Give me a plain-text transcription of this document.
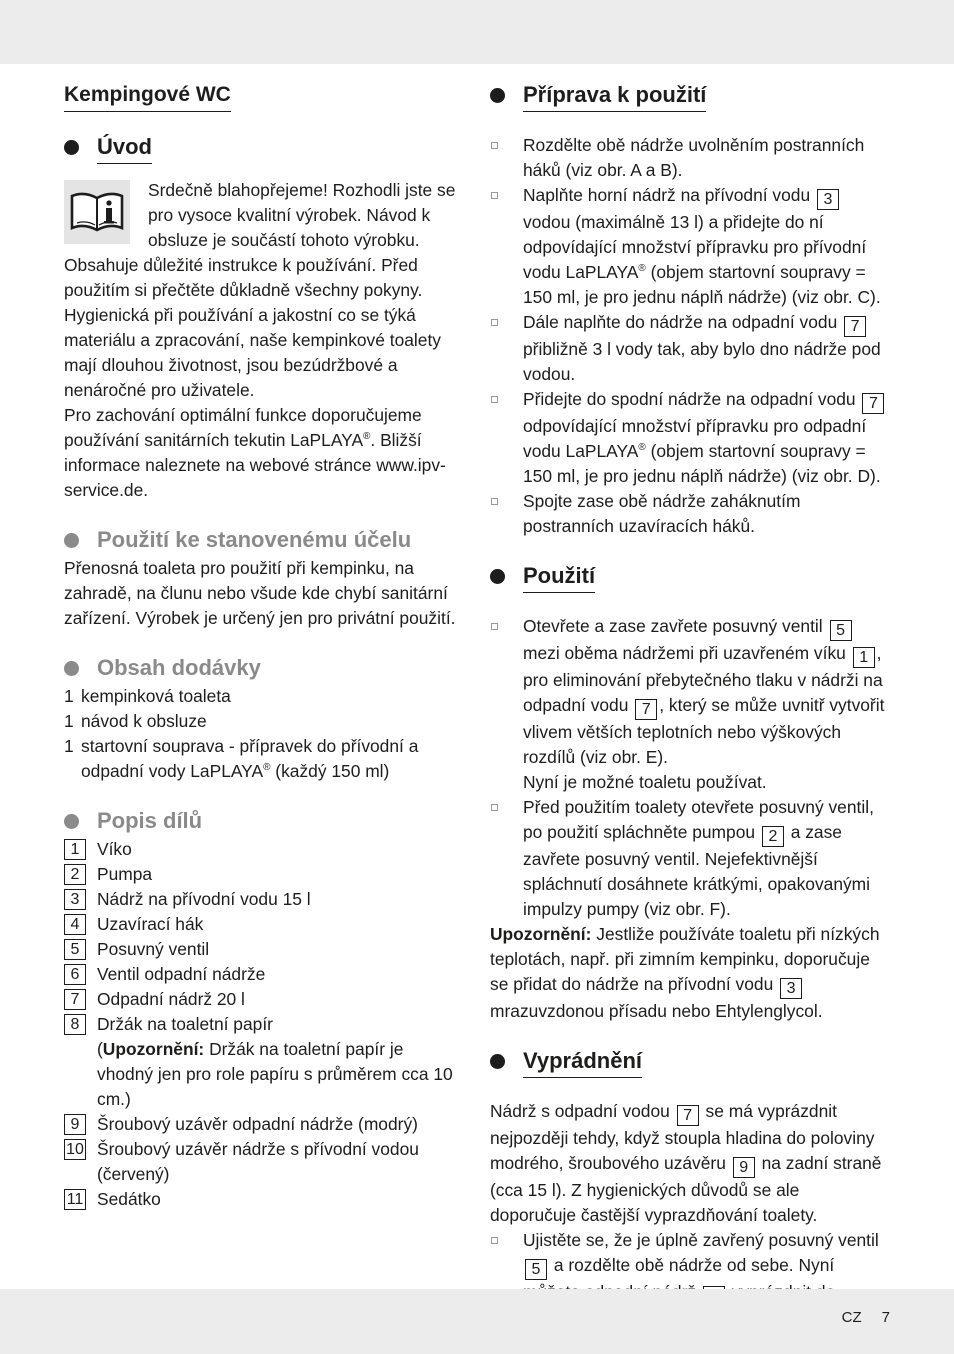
Kempingové WC
Úvod

Srdečně blahopřejeme! Rozhodli jste se pro vysoce kvalitní výrobek. Návod k obsluze je součástí tohoto výrobku. Obsahuje důležité instrukce k používání. Před použitím si přečtěte důkladně všechny pokyny. Hygienická při používání a jakostní co se týká materiálu a zpracování, naše kempinkové toalety mají dlouhou životnost, jsou bezúdržbové a nenáročné pro uživatele.

Pro zachování optimální funkce doporučujeme používání sanitárních tekutin LaPLAYA®. Bližší informace naleznete na webové stránce www.ipv-service.de.

Použití ke stanovenému účelu

Přenosná toaleta pro použití při kempinku, na zahradě, na člunu nebo všude kde chybí sanitární zařízení. Výrobek je určený jen pro privátní použití.

Obsah dodávky
1 kempinková toaleta
1 návod k obsluze
1 startovní souprava - přípravek do přívodní a odpadní vody LaPLAYA® (každý 150 ml)
Popis dílů
1	Víko
2	Pumpa
3	Nádrž na přívodní vodu 15 l
4	Uzavírací hák
5	Posuvný ventil
6	Ventil odpadní nádrže
7	Odpadní nádrž 20 l
8	Držák na toaletní papír
(Upozornění: Držák na toaletní papír je vhodný jen pro role papíru s průměrem cca 10 cm.)
9	Šroubový uzávěr odpadní nádrže (modrý)
10 Šroubový uzávěr nádrže s přívodní vodou (červený)
11 Sedátko
Příprava k použití
Rozdělte obě nádrže uvolněním postranních háků (viz obr. A a B).
Naplňte horní nádrž na přívodní vodu 3 vodou (maximálně 13 l) a přidejte do ní odpovídající množství přípravku pro přívodní vodu LaPLAYA® (objem startovní soupravy = 150 ml, je pro jednu náplň nádrže) (viz obr. C).
Dále naplňte do nádrže na odpadní vodu 7 přibližně 3 l vody tak, aby bylo dno nádrže pod vodou.
Přidejte do spodní nádrže na odpadní vodu 7 odpovídající množství přípravku pro odpadní vodu LaPLAYA® (objem startovní soupravy = 150 ml, je pro jednu náplň nádrže) (viz obr. D).
Spojte zase obě nádrže zaháknutím postranních uzavíracích háků.
Použití
Otevřete a zase zavřete posuvný ventil 5 mezi oběma nádržemi při uzavřeném víku 1 , pro eliminování přebytečného tlaku v nádrži na odpadní vodu 7 , který se může uvnitř vytvořit vlivem větších teplotních nebo výškových rozdílů (viz obr. E).
Nyní je možné toaletu používat.
Před použitím toalety otevřete posuvný ventil, po použití spláchněte pumpou 2 a zase zavřete posuvný ventil. Nejefektivnější spláchnutí dosáhnete krátkými, opakovanými impulzy pumpy (viz obr. F).

Upozornění: Jestliže používáte toaletu při nízkých teplotách, např. při zimním kempinku, doporučuje se přidat do nádrže na přívodní vodu 3 mrazuvzdonou přísadu nebo Ehtylenglycol.

Vyprádnění

Nádrž s odpadní vodou 7 se má vyprázdnit nejpozději tehdy, když stoupla hladina do poloviny modrého, šroubového uzávěru 9 na zadní straně (cca 15 l). Z hygienických důvodů se ale doporučuje častější vyprazdňování toalety.

Ujistěte se, že je úplně zavřený posuvný ventil 5 a rozdělte obě nádrže od sebe. Nyní
CZ 7
